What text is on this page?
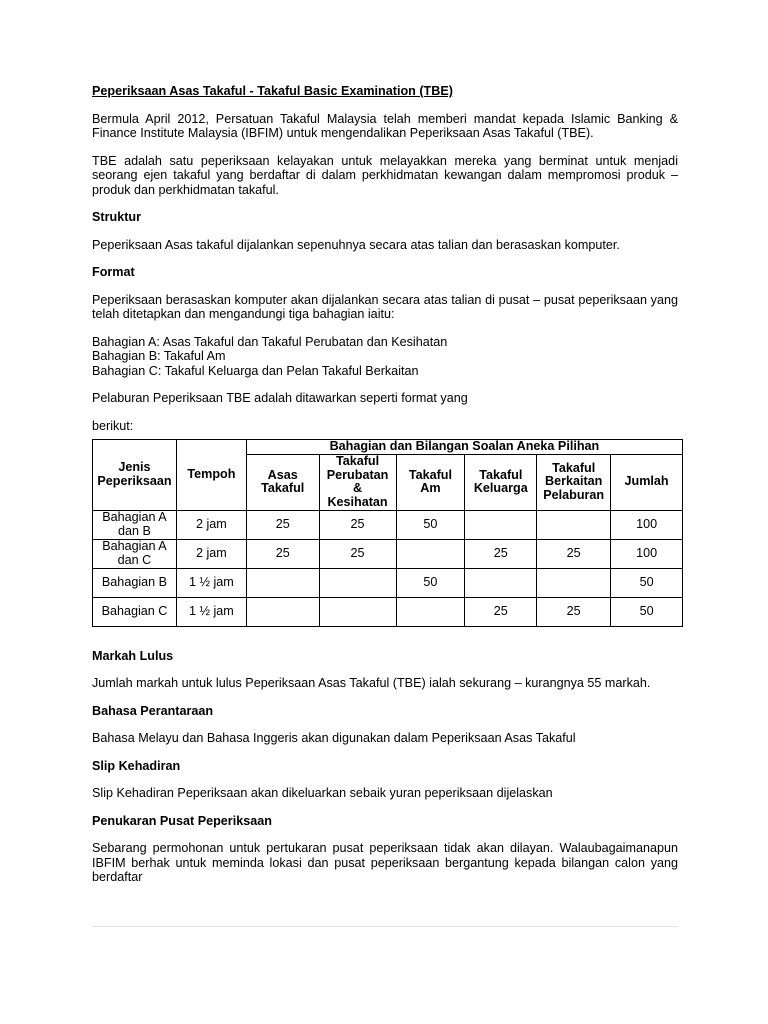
Peperiksaan Asas Takaful - Takaful Basic Examination (TBE)

Bermula April 2012, Persatuan Takaful Malaysia telah memberi mandat kepada Islamic Banking & Finance Institute Malaysia (IBFIM) untuk mengendalikan Peperiksaan Asas Takaful (TBE).

TBE adalah satu peperiksaan kelayakan untuk melayakkan mereka yang berminat untuk menjadi seorang ejen takaful yang berdaftar di dalam perkhidmatan kewangan dalam mempromosi produk – produk dan perkhidmatan takaful.

Struktur

Peperiksaan Asas takaful dijalankan sepenuhnya secara atas talian dan berasaskan komputer.

Format

Peperiksaan berasaskan komputer akan dijalankan secara atas talian di pusat – pusat peperiksaan yang telah ditetapkan dan mengandungi tiga bahagian iaitu:

Bahagian A: Asas Takaful dan Takaful Perubatan dan Kesihatan
Bahagian B: Takaful Am
Bahagian C: Takaful Keluarga dan Pelan Takaful Berkaitan

Pelaburan Peperiksaan TBE adalah ditawarkan seperti format yang

berikut:

Jenis Peperiksaan	Tempoh	Bahagian dan Bilangan Soalan Aneka Pilihan					
		Asas Takaful	Takaful Perubatan & Kesihatan	Takaful Am	Takaful Keluarga	Takaful Berkaitan Pelaburan	Jumlah
Bahagian A dan B	2 jam	25	25	50			100
Bahagian A dan C	2 jam	25	25		25	25	100
Bahagian B	1 ½ jam			50			50
Bahagian C	1 ½ jam				25	25	50
Markah Lulus

Jumlah markah untuk lulus Peperiksaan Asas Takaful (TBE) ialah sekurang – kurangnya 55 markah.

Bahasa Perantaraan

Bahasa Melayu dan Bahasa Inggeris akan digunakan dalam Peperiksaan Asas Takaful

Slip Kehadiran

Slip Kehadiran Peperiksaan akan dikeluarkan sebaik yuran peperiksaan dijelaskan

Penukaran Pusat Peperiksaan

Sebarang permohonan untuk pertukaran pusat peperiksaan tidak akan dilayan. Walaubagaimanapun IBFIM berhak untuk meminda lokasi dan pusat peperiksaan bergantung kepada bilangan calon yang berdaftar
